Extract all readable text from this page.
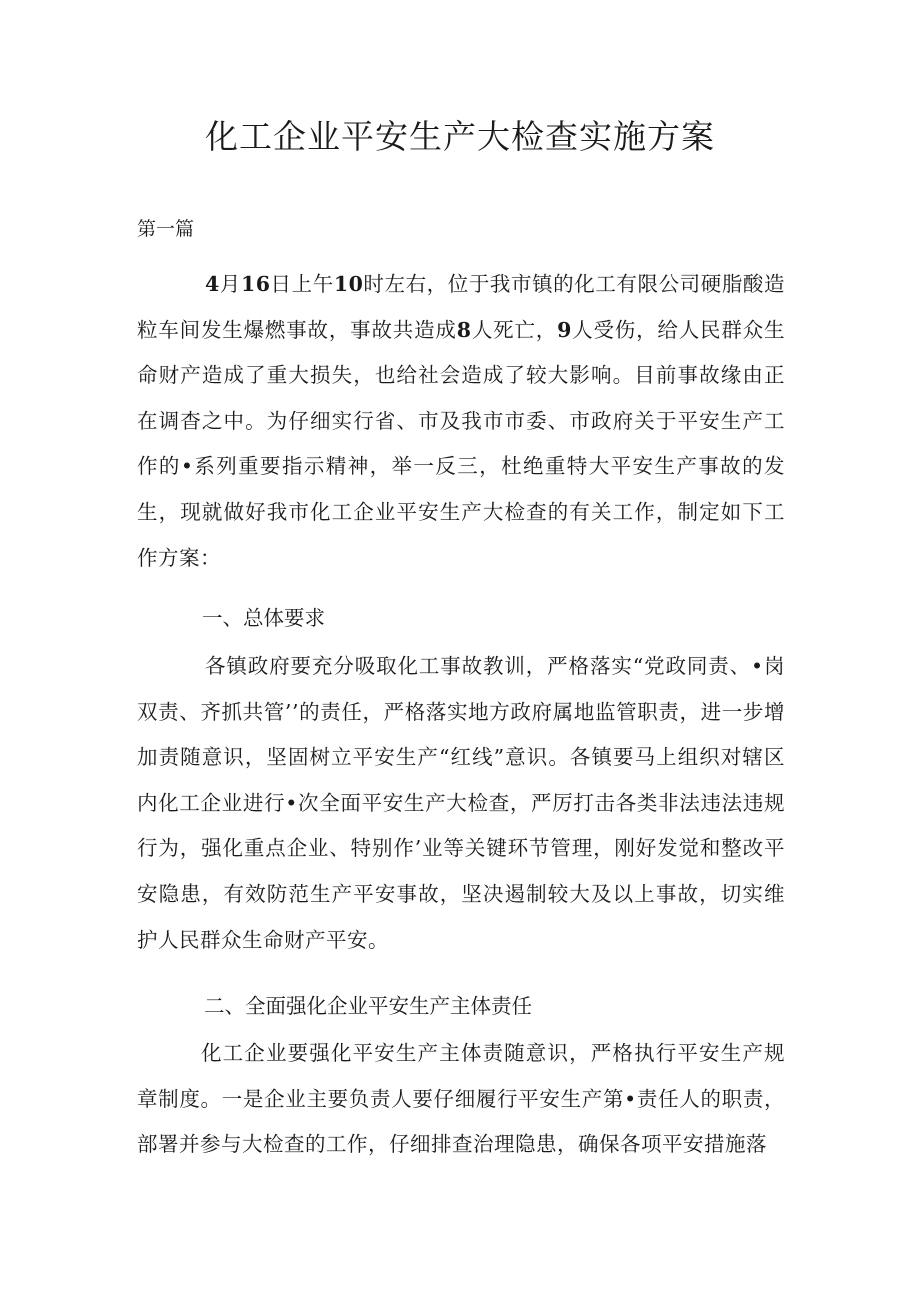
化工企业平安生产大检查实施方案

第一篇

4月16日上午10时左右，位于我市镇的化工有限公司硬脂酸造粒车间发生爆燃事故，事故共造成8人死亡，9人受伤，给人民群众生命财产造成了重大损失，也给社会造成了较大影响。目前事故缘由正在调杳之中。为仔细实行省、市及我市市委、市政府关于平安生产工作的•系列重要指示精神，举一反三，杜绝重特大平安生产事故的发生，现就做好我市化工企业平安生产大检查的有关工作，制定如下工作方案：

一、总体要求

各镇政府要充分吸取化工事故教训，严格落实“党政同责、•岗双责、齐抓共管’’的责任，严格落实地方政府属地监管职责，进一步增加责随意识，坚固树立平安生产“红线”意识。各镇要马上组织对辖区内化工企业进行•次全面平安生产大检查，严厉打击各类非法违法违规行为，强化重点企业、特别作’业等关键环节管理，刚好发觉和整改平安隐患，有效防范生产平安事故，坚决遏制较大及以上事故，切实维护人民群众生命财产平安。

二、全面强化企业平安生产主体责任

化工企业要强化平安生产主体责随意识，严格执行平安生产规章制度。一是企业主要负责人要仔细履行平安生产第•责任人的职责，部署并参与大检查的工作，仔细排查治理隐患，确保各项平安措施落
